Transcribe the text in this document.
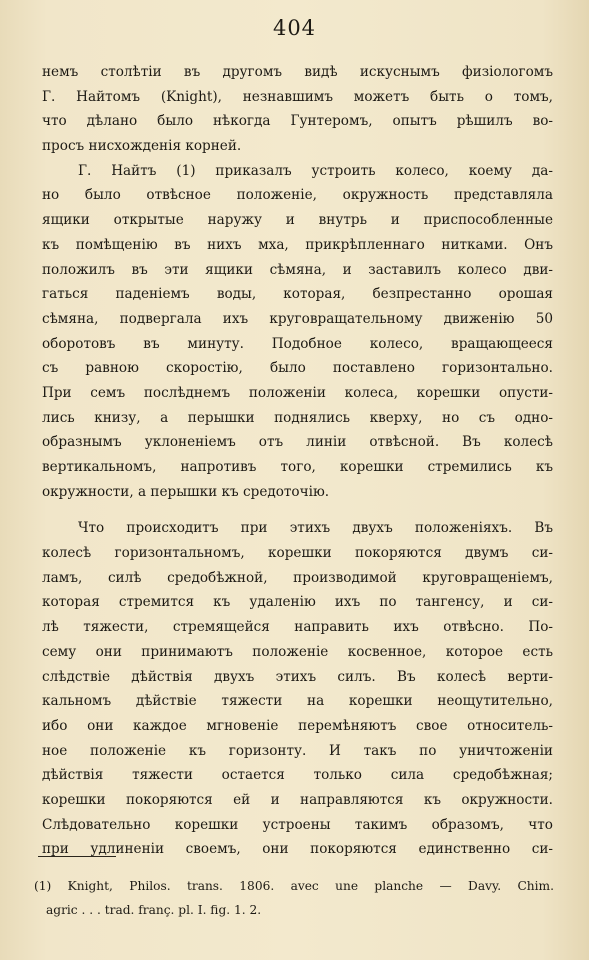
404
немъ столѣтіи въ другомъ видѣ искуснымъ физіологомъ
Г. Найтомъ (Knight), незнавшимъ можетъ быть о томъ,
что дѣлано было нѣкогда Гунтеромъ, опытъ рѣшилъ во-
просъ нисхожденія корней.
Г. Найтъ (1) приказалъ устроить колесо, коему да-
но было отвѣсное положеніе, окружность представляла
ящики открытые наружу и внутрь и приспособленные
къ помѣщенію въ нихъ мха, прикрѣпленнаго нитками. Онъ
положилъ въ эти ящики сѣмяна, и заставилъ колесо дви-
гаться паденіемъ воды, которая, безпрестанно орошая
сѣмяна, подвергала ихъ круговращательному движенію 50
оборотовъ въ минуту. Подобное колесо, вращающееся
съ равною скоростію, было поставлено горизонтально.
При семъ послѣднемъ положеніи колеса, корешки опусти-
лись книзу, а перышки поднялись кверху, но съ одно-
образнымъ уклоненіемъ отъ линіи отвѣсной. Въ колесѣ
вертикальномъ, напротивъ того, корешки стремились къ
окружности, а перышки къ средоточію.
Что происходитъ при этихъ двухъ положеніяхъ. Въ
колесѣ горизонтальномъ, корешки покоряются двумъ си-
ламъ, силѣ средобѣжной, производимой круговращеніемъ,
которая стремится къ удаленію ихъ по тангенсу, и си-
лѣ тяжести, стремящейся направить ихъ отвѣсно. По-
сему они принимаютъ положеніе косвенное, которое есть
слѣдствіе дѣйствія двухъ этихъ силъ. Въ колесѣ верти-
кальномъ дѣйствіе тяжести на корешки неощутительно,
ибо они каждое мгновеніе перемѣняютъ свое относитель-
ное положеніе къ горизонту. И такъ по уничтоженіи
дѣйствія тяжести остается только сила средобѣжная;
корешки покоряются ей и направляются къ окружности.
Слѣдовательно корешки устроены такимъ образомъ, что
при удлиненіи своемъ, они покоряются единственно си-
(1) Knight, Philos. trans. 1806. avec une planche — Davy. Chim.
agric . . . trad. franç. pl. I. fig. 1. 2.
